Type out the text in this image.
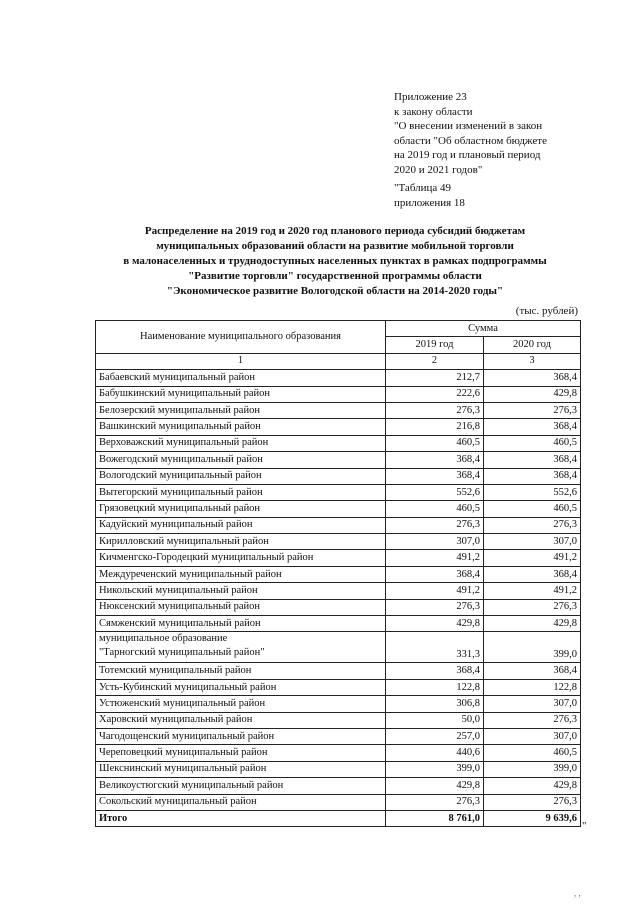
Приложение 23
к закону области
"О внесении изменений в закон
области "Об областном бюджете
на 2019 год и плановый период
2020 и 2021 годов"
"Таблица 49
приложения 18
Распределение на 2019 год и 2020 год планового периода субсидий бюджетам
муниципальных образований области на развитие мобильной торговли
в малонаселенных и труднодоступных населенных пунктах в рамках подпрограммы
"Развитие торговли" государственной программы области
"Экономическое развитие Вологодской области на 2014-2020 годы"
(тыс. рублей)
Наименование муниципального образования	Сумма	
	2019 год	2020 год
1	2	3
Бабаевский муниципальный район	212,7	368,4
Бабушкинский муниципальный район	222,6	429,8
Белозерский муниципальный район	276,3	276,3
Вашкинский муниципальный район	216,8	368,4
Верховажский муниципальный район	460,5	460,5
Вожегодский муниципальный район	368,4	368,4
Вологодский муниципальный район	368,4	368,4
Вытегорский муниципальный район	552,6	552,6
Грязовецкий муниципальный район	460,5	460,5
Кадуйский муниципальный район	276,3	276,3
Кирилловский муниципальный район	307,0	307,0
Кичменгско-Городецкий муниципальный район	491,2	491,2
Междуреченский муниципальный район	368,4	368,4
Никольский муниципальный район	491,2	491,2
Нюксенский муниципальный район	276,3	276,3
Сямженский муниципальный район	429,8	429,8

муниципальное образование
"Тарногский муниципальный район"	331,3	399,0
Тотемский муниципальный район	368,4	368,4
Усть-Кубинский муниципальный район	122,8	122,8
Устюженский муниципальный район	306,8	307,0
Харовский муниципальный район	50,0	276,3
Чагодощенский муниципальный район	257,0	307,0
Череповецкий муниципальный район	440,6	460,5
Шекснинский муниципальный район	399,0	399,0
Великоустюгский муниципальный район	429,8	429,8
Сокольский муниципальный район	276,3	276,3
Итого	8 761,0	9 639,6
"
, ,
